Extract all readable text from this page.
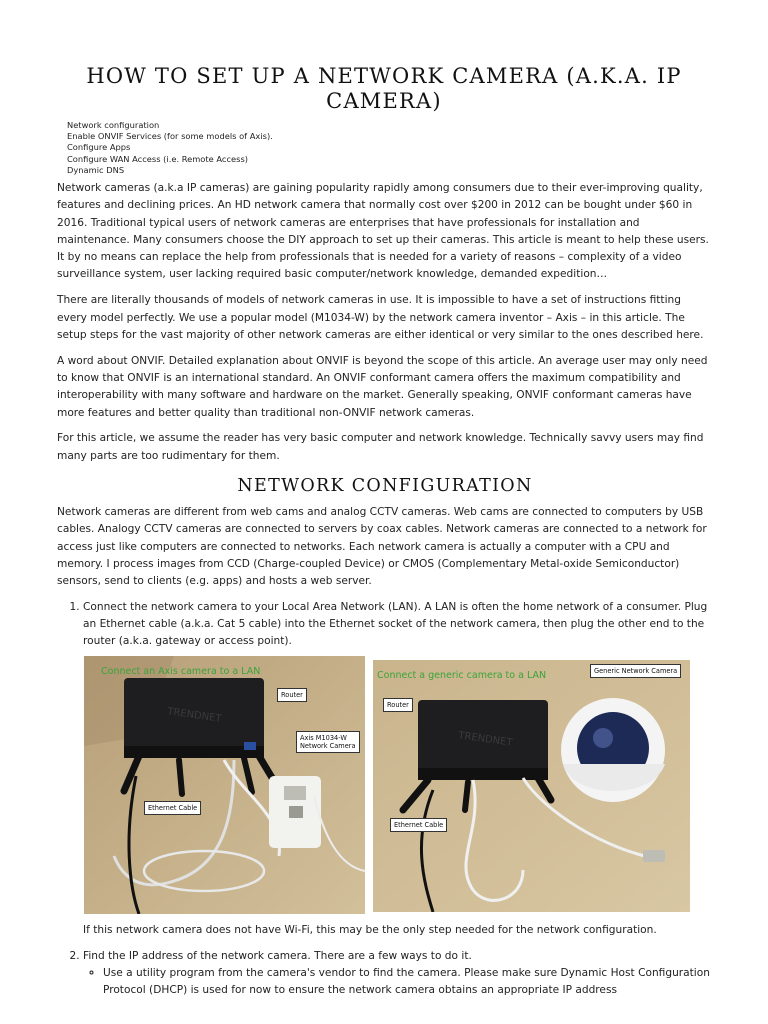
HOW TO SET UP A NETWORK CAMERA (A.K.A. IP CAMERA)
Network configuration
Enable ONVIF Services (for some models of Axis).
Configure Apps
Configure WAN Access (i.e. Remote Access)
Dynamic DNS

Network cameras (a.k.a IP cameras) are gaining popularity rapidly among consumers due to their ever-improving quality, features and declining prices. An HD network camera that normally cost over $200 in 2012 can be bought under $60 in 2016. Traditional typical users of network cameras are enterprises that have professionals for installation and maintenance. Many consumers choose the DIY approach to set up their cameras. This article is meant to help these users. It by no means can replace the help from professionals that is needed for a variety of reasons – complexity of a video surveillance system, user lacking required basic computer/network knowledge, demanded expedition…

There are literally thousands of models of network cameras in use. It is impossible to have a set of instructions fitting every model perfectly. We use a popular model (M1034-W) by the network camera inventor – Axis – in this article. The setup steps for the vast majority of other network cameras are either identical or very similar to the ones described here.

A word about ONVIF. Detailed explanation about ONVIF is beyond the scope of this article. An average user may only need to know that ONVIF is an international standard. An ONVIF conformant camera offers the maximum compatibility and interoperability with many software and hardware on the market. Generally speaking, ONVIF conformant cameras have more features and better quality than traditional non-ONVIF network cameras.

For this article, we assume the reader has very basic computer and network knowledge. Technically savvy users may find many parts are too rudimentary for them.

NETWORK CONFIGURATION

Network cameras are different from web cams and analog CCTV cameras. Web cams are connected to computers by USB cables. Analogy CCTV cameras are connected to servers by coax cables. Network cameras are connected to a network for access just like computers are connected to networks. Each network camera is actually a computer with a CPU and memory. I process images from CCD (Charge-coupled Device) or CMOS (Complementary Metal-oxide Semiconductor) sensors, send to clients (e.g. apps) and hosts a web server.

1. Connect the network camera to your Local Area Network (LAN). A LAN is often the home network of a consumer. Plug an Ethernet cable (a.k.a. Cat 5 cable) into the Ethernet socket of the network camera, then plug the other end to the router (a.k.a. gateway or access point).
TRENDNET
Connect an Axis camera to a LAN
Router
Axis M1034-W
Network Camera
Ethernet Cable
TRENDNET
Connect a generic camera to a LAN
Router
Generic Network Camera
Ethernet Cable

If this network camera does not have Wi-Fi, this may be the only step needed for the network configuration.

2. Find the IP address of the network camera. There are a few ways to do it.
◦ Use a utility program from the camera's vendor to find the camera. Please make sure Dynamic Host Configuration Protocol (DHCP) is used for now to ensure the network camera obtains an appropriate IP address
